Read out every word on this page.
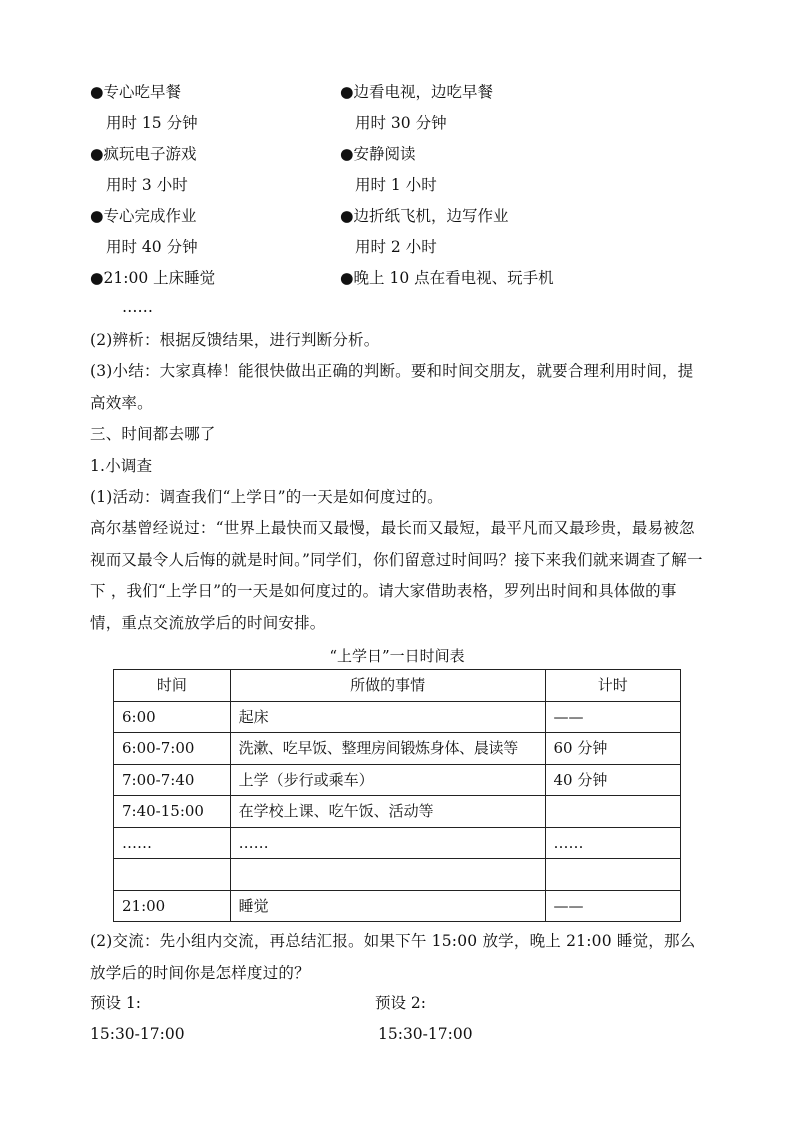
● 专心吃早餐
用时 15 分钟
● 边看电视，边吃早餐
用时 30 分钟
● 疯玩电子游戏
用时 3 小时
● 安静阅读
用时 1 小时
● 专心完成作业
用时 40 分钟
● 边折纸飞机，边写作业
用时 2 小时
● 21:00 上床睡觉	● 晚上 10 点在看电视、玩手机
……
(2)辨析：根据反馈结果，进行判断分析。
(3)小结：大家真棒！能很快做出正确的判断。要和时间交朋友，就要合理利用时间，提高效率。
三、时间都去哪了
1.小调查
(1)活动：调查我们“上学日”的一天是如何度过的。
高尔基曾经说过：“世界上最快而又最慢，最长而又最短，最平凡而又最珍贵，最易被忽视而又最令人后悔的就是时间。”同学们，你们留意过时间吗？接下来我们就来调查了解一下 ，我们“上学日”的一天是如何度过的。请大家借助表格，罗列出时间和具体做的事情，重点交流放学后的时间安排。
“上学日”一日时间表
时间	所做的事情	计时
6:00	起床	——
6:00-7:00	洗漱、吃早饭、整理房间锻炼身体、晨读等	60 分钟
7:00-7:40	上学（步行或乘车）	40 分钟
7:40-15:00	在学校上课、吃午饭、活动等	
……	……	……

21:00	睡觉	——
(2)交流：先小组内交流，再总结汇报。如果下午 15:00 放学，晚上 21:00 睡觉，那么放学后的时间你是怎样度过的？
预设 1:	预设 2:
15:30-17:00	15:30-17:00
